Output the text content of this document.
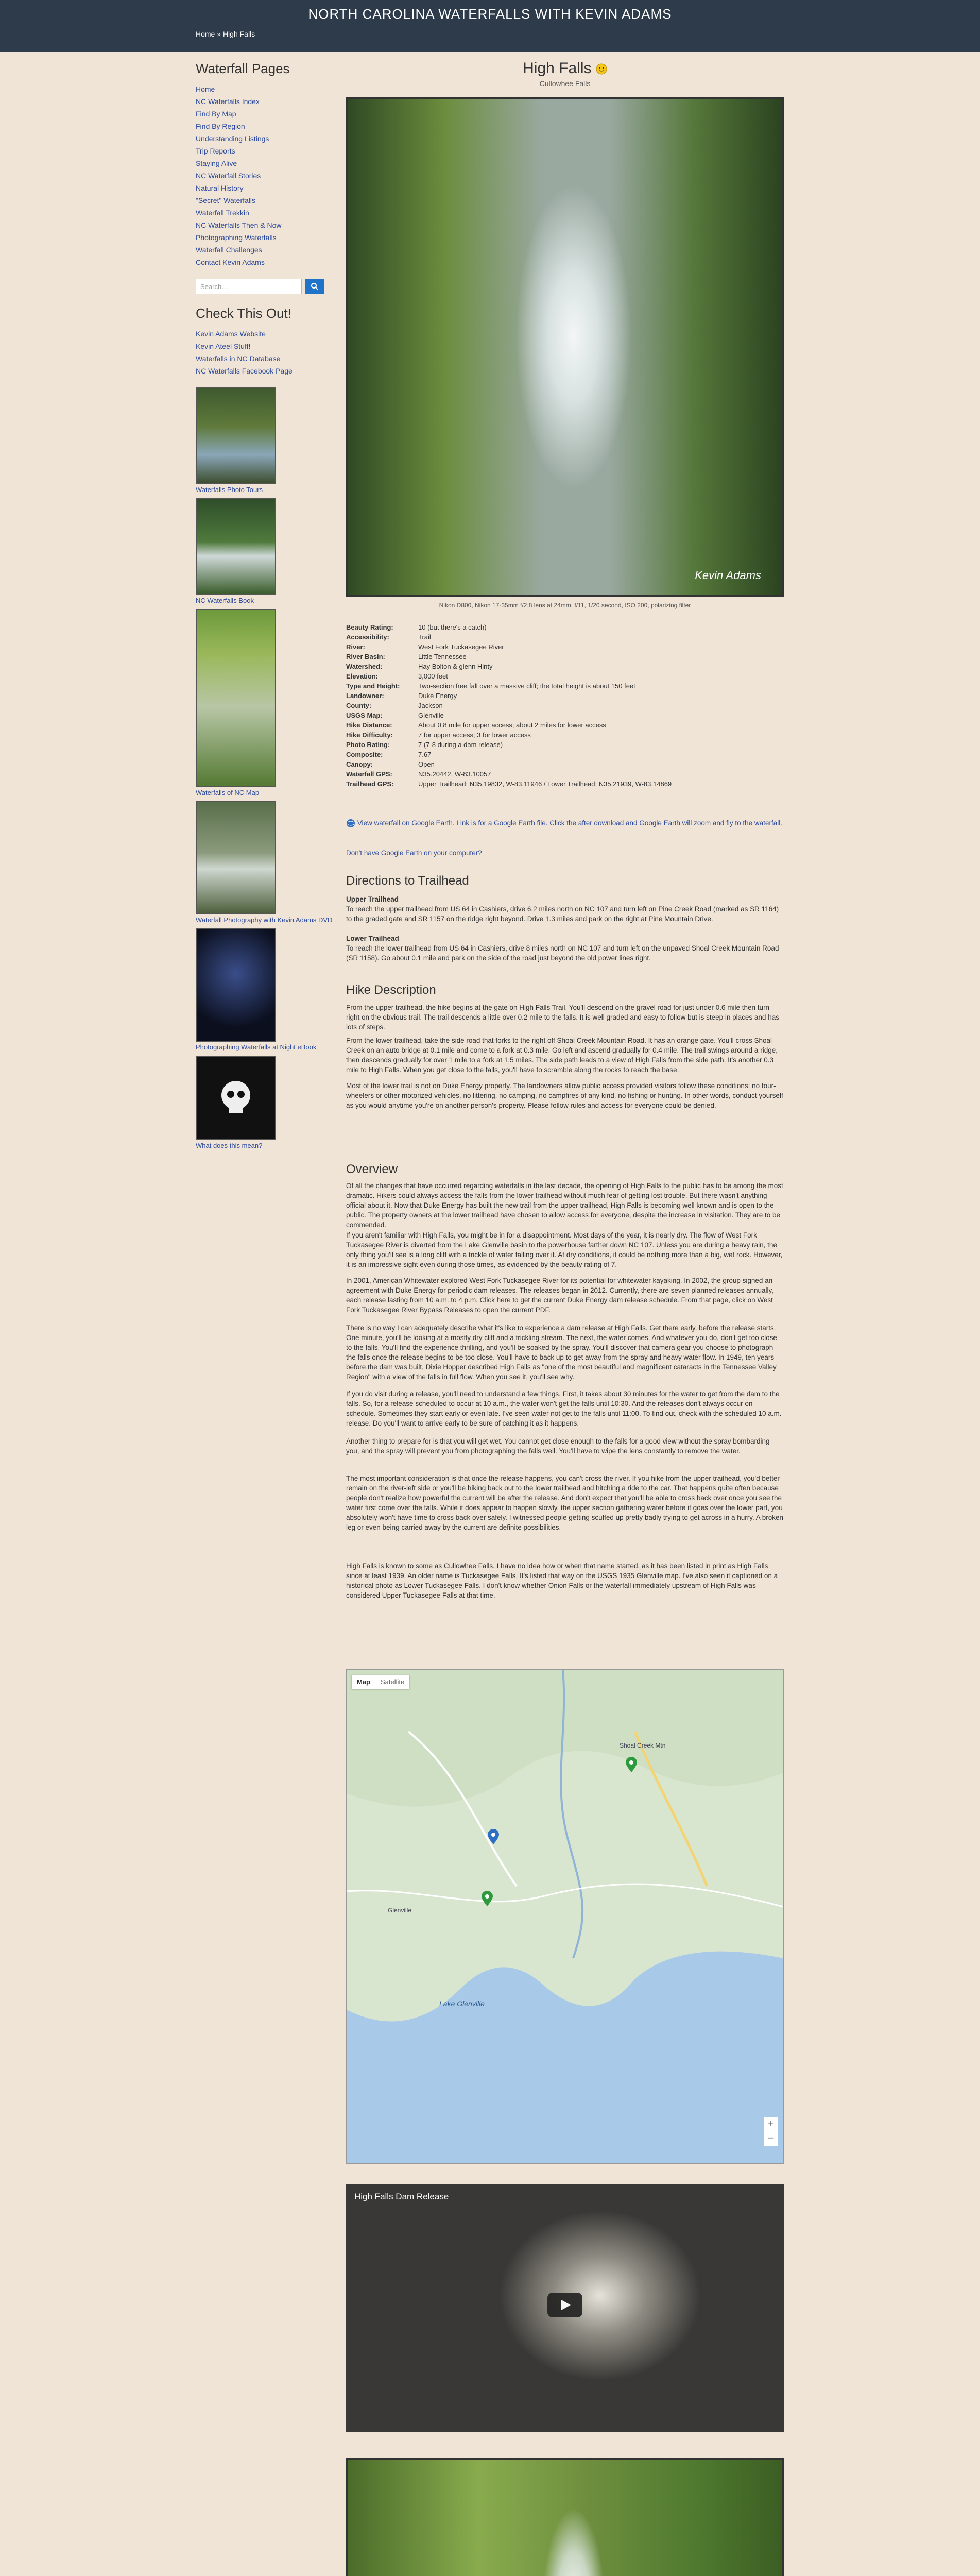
NORTH CAROLINA WATERFALLS WITH KEVIN ADAMS
Home » High Falls
Waterfall Pages
Home
NC Waterfalls Index
Find By Map
Find By Region
Understanding Listings
Trip Reports
Staying Alive
NC Waterfall Stories
Natural History
"Secret" Waterfalls
Waterfall Trekkin
NC Waterfalls Then & Now
Photographing Waterfalls
Waterfall Challenges
Contact Kevin Adams
Search…
Check This Out!
Kevin Adams Website
Kevin Ateel Stuff!
Waterfalls in NC Database
NC Waterfalls Facebook Page
Waterfalls Photo Tours
NC Waterfalls Book
Waterfalls of NC Map
Waterfall Photography with Kevin Adams DVD
Photographing Waterfalls at Night eBook
What does this mean?
High Falls
Cullowhee Falls
Kevin Adams
Nikon D800, Nikon 17-35mm f/2.8 lens at 24mm, f/11, 1/20 second, ISO 200, polarizing filter
Beauty Rating:	10 (but there's a catch)
Accessibility:	Trail
River:	West Fork Tuckasegee River
River Basin:	Little Tennessee
Watershed:	Hay Bolton & glenn Hinty
Elevation:	3,000 feet
Type and Height:	Two-section free fall over a massive cliff; the total height is about 150 feet
Landowner:	Duke Energy
County:	Jackson
USGS Map:	Glenville
Hike Distance:	About 0.8 mile for upper access; about 2 miles for lower access
Hike Difficulty:	7 for upper access; 3 for lower access
Photo Rating:	7 (7-8 during a dam release)
Composite:	7.67
Canopy:	Open
Waterfall GPS:	N35.20442, W-83.10057
Trailhead GPS:	Upper Trailhead: N35.19832, W-83.11946 / Lower Trailhead: N35.21939, W-83.14869
View waterfall on Google Earth. Link is for a Google Earth file. Click the after download and Google Earth will zoom and fly to the waterfall.
Don't have Google Earth on your computer?
Directions to Trailhead
Upper Trailhead
To reach the upper trailhead from US 64 in Cashiers, drive 6.2 miles north on NC 107 and turn left on Pine Creek Road (marked as SR 1164) to the graded gate and SR 1157 on the ridge right beyond. Drive 1.3 miles and park on the right at Pine Mountain Drive.
Lower Trailhead
To reach the lower trailhead from US 64 in Cashiers, drive 8 miles north on NC 107 and turn left on the unpaved Shoal Creek Mountain Road (SR 1158). Go about 0.1 mile and park on the side of the road just beyond the old power lines right.
Hike Description
From the upper trailhead, the hike begins at the gate on High Falls Trail. You'll descend on the gravel road for just under 0.6 mile then turn right on the obvious trail. The trail descends a little over 0.2 mile to the falls. It is well graded and easy to follow but is steep in places and has lots of steps.
From the lower trailhead, take the side road that forks to the right off Shoal Creek Mountain Road. It has an orange gate. You'll cross Shoal Creek on an auto bridge at 0.1 mile and come to a fork at 0.3 mile. Go left and ascend gradually for 0.4 mile. The trail swings around a ridge, then descends gradually for over 1 mile to a fork at 1.5 miles. The side path leads to a view of High Falls from the side path. It's another 0.3 mile to High Falls. When you get close to the falls, you'll have to scramble along the rocks to reach the base.
Most of the lower trail is not on Duke Energy property. The landowners allow public access provided visitors follow these conditions: no four-wheelers or other motorized vehicles, no littering, no camping, no campfires of any kind, no fishing or hunting. In other words, conduct yourself as you would anytime you're on another person's property. Please follow rules and access for everyone could be denied.
Overview
Of all the changes that have occurred regarding waterfalls in the last decade, the opening of High Falls to the public has to be among the most dramatic. Hikers could always access the falls from the lower trailhead without much fear of getting lost trouble. But there wasn't anything official about it. Now that Duke Energy has built the new trail from the upper trailhead, High Falls is becoming well known and is open to the public. The property owners at the lower trailhead have chosen to allow access for everyone, despite the increase in visitation. They are to be commended.
If you aren't familiar with High Falls, you might be in for a disappointment. Most days of the year, it is nearly dry. The flow of West Fork Tuckasegee River is diverted from the Lake Glenville basin to the powerhouse farther down NC 107. Unless you are during a heavy rain, the only thing you'll see is a long cliff with a trickle of water falling over it. At dry conditions, it could be nothing more than a big, wet rock. However, it is an impressive sight even during those times, as evidenced by the beauty rating of 7.
In 2001, American Whitewater explored West Fork Tuckasegee River for its potential for whitewater kayaking. In 2002, the group signed an agreement with Duke Energy for periodic dam releases. The releases began in 2012. Currently, there are seven planned releases annually, each release lasting from 10 a.m. to 4 p.m. Click here to get the current Duke Energy dam release schedule. From that page, click on West Fork Tuckasegee River Bypass Releases to open the current PDF.
There is no way I can adequately describe what it's like to experience a dam release at High Falls. Get there early, before the release starts. One minute, you'll be looking at a mostly dry cliff and a trickling stream. The next, the water comes. And whatever you do, don't get too close to the falls. You'll find the experience thrilling, and you'll be soaked by the spray. You'll discover that camera gear you choose to photograph the falls once the release begins to be too close. You'll have to back up to get away from the spray and heavy water flow. In 1949, ten years before the dam was built, Dixie Hopper described High Falls as "one of the most beautiful and magnificent cataracts in the Tennessee Valley Region" with a view of the falls in full flow. When you see it, you'll see why.
If you do visit during a release, you'll need to understand a few things. First, it takes about 30 minutes for the water to get from the dam to the falls. So, for a release scheduled to occur at 10 a.m., the water won't get the falls until 10:30. And the releases don't always occur on schedule. Sometimes they start early or even late. I've seen water not get to the falls until 11:00. To find out, check with the scheduled 10 a.m. release. Do you'll want to arrive early to be sure of catching it as it happens.
Another thing to prepare for is that you will get wet. You cannot get close enough to the falls for a good view without the spray bombarding you, and the spray will prevent you from photographing the falls well. You'll have to wipe the lens constantly to remove the water.
The most important consideration is that once the release happens, you can't cross the river. If you hike from the upper trailhead, you'd better remain on the river-left side or you'll be hiking back out to the lower trailhead and hitching a ride to the car. That happens quite often because people don't realize how powerful the current will be after the release. And don't expect that you'll be able to cross back over once you see the water first come over the falls. While it does appear to happen slowly, the upper section gathering water before it goes over the lower part, you absolutely won't have time to cross back over safely. I witnessed people getting scuffed up pretty badly trying to get across in a hurry. A broken leg or even being carried away by the current are definite possibilities.
High Falls is known to some as Cullowhee Falls. I have no idea how or when that name started, as it has been listed in print as High Falls since at least 1939. An older name is Tuckasegee Falls. It's listed that way on the USGS 1935 Glenville map. I've also seen it captioned on a historical photo as Lower Tuckasegee Falls. I don't know whether Onion Falls or the waterfall immediately upstream of High Falls was considered Upper Tuckasegee Falls at that time.
Map	Satellite
Shoal Creek Mtn
Lake Glenville
Glenville
+
−
High Falls Dam Release
